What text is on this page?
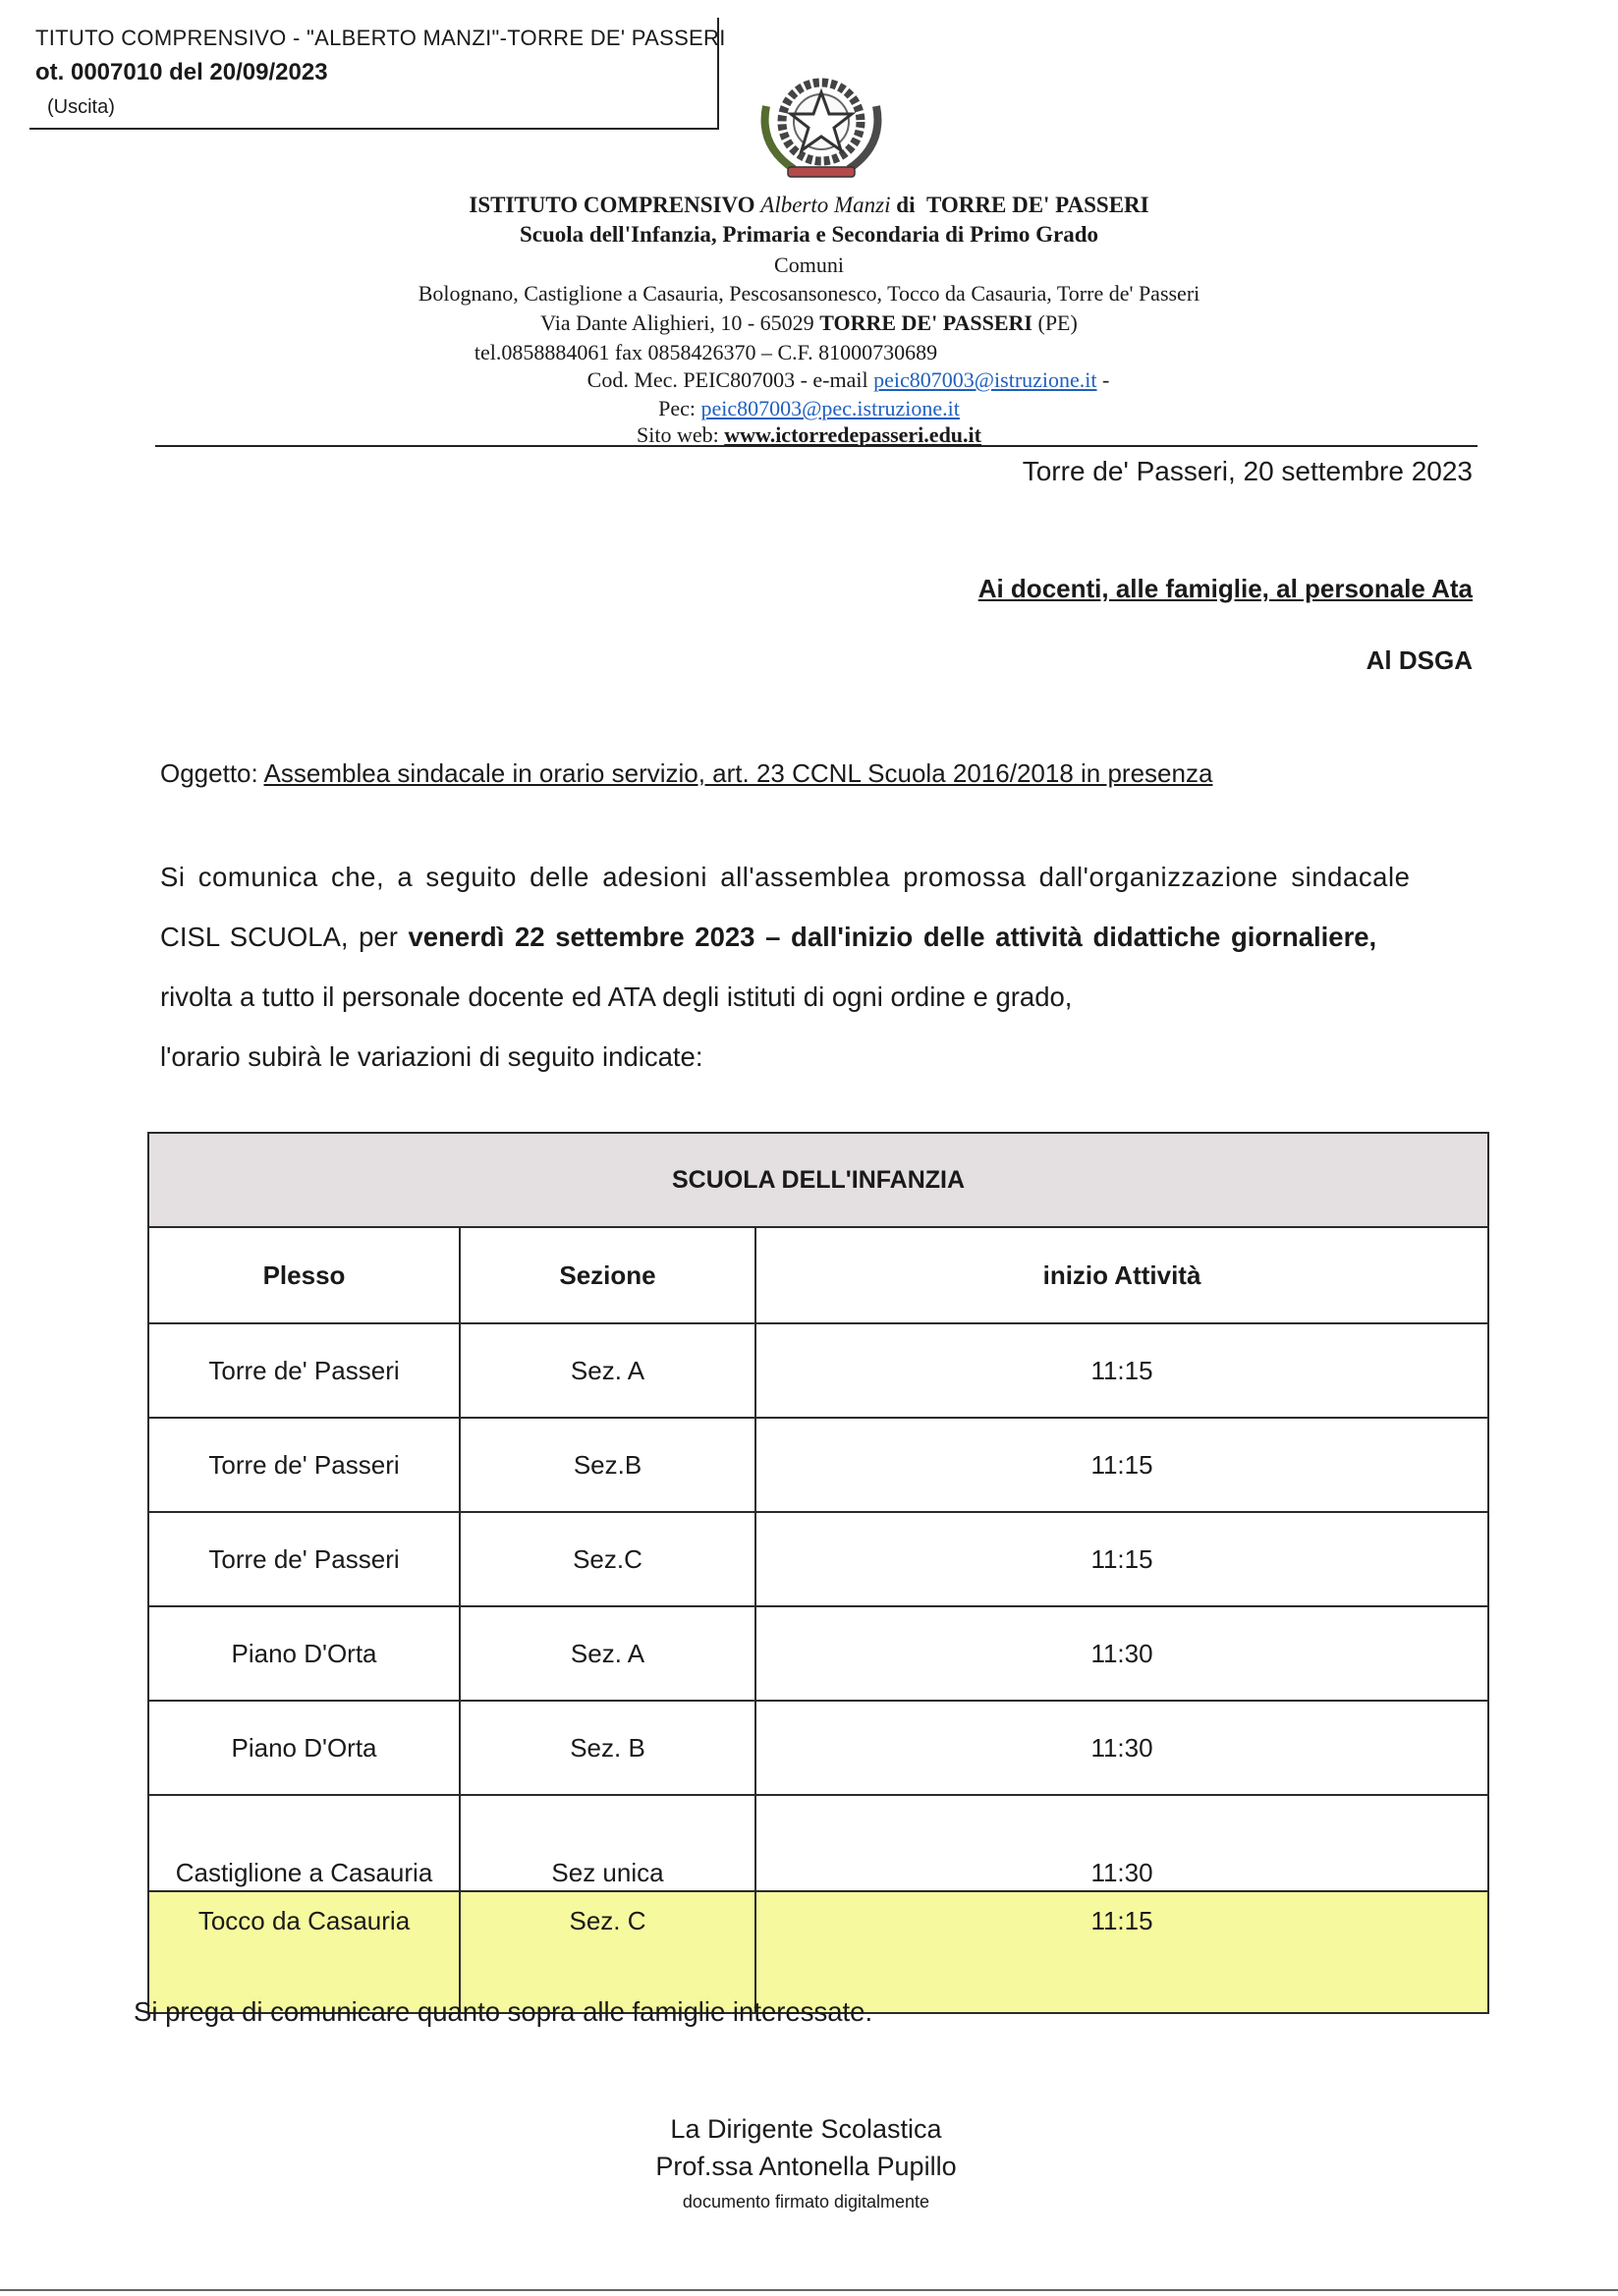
TITUTO COMPRENSIVO - "ALBERTO MANZI"-TORRE DE' PASSERI
ot. 0007010 del 20/09/2023
(Uscita)
ISTITUTO COMPRENSIVO Alberto Manzi di TORRE DE' PASSERI
Scuola dell'Infanzia, Primaria e Secondaria di Primo Grado
Comuni
Bolognano, Castiglione a Casauria, Pescosansonesco, Tocco da Casauria, Torre de' Passeri
Via Dante Alighieri, 10 - 65029 TORRE DE' PASSERI (PE)
tel.0858884061 fax 0858426370 – C.F. 81000730689
Cod. Mec. PEIC807003 - e-mail peic807003@istruzione.it -
Pec: peic807003@pec.istruzione.it
Sito web: www.ictorredepasseri.edu.it
Torre de' Passeri, 20 settembre 2023
Ai docenti, alle famiglie, al personale Ata
Al DSGA
Oggetto: Assemblea sindacale in orario servizio, art. 23 CCNL Scuola 2016/2018 in presenza
Si comunica che, a seguito delle adesioni all'assemblea promossa dall'organizzazione sindacale
CISL SCUOLA, per venerdì 22 settembre 2023 – dall'inizio delle attività didattiche giornaliere,
rivolta a tutto il personale docente ed ATA degli istituti di ogni ordine e grado,
l'orario subirà le variazioni di seguito indicate:
SCUOLA DELL'INFANZIA		
Plesso	Sezione	inizio Attività
Torre de' Passeri	Sez. A	11:15
Torre de' Passeri	Sez.B	11:15
Torre de' Passeri	Sez.C	11:15
Piano D'Orta	Sez. A	11:30
Piano D'Orta	Sez. B	11:30
Castiglione a Casauria	Sez unica	11:30
Tocco da Casauria	Sez. C	11:15
Si prega di comunicare quanto sopra alle famiglie interessate.
La Dirigente Scolastica
Prof.ssa Antonella Pupillo
documento firmato digitalmente
